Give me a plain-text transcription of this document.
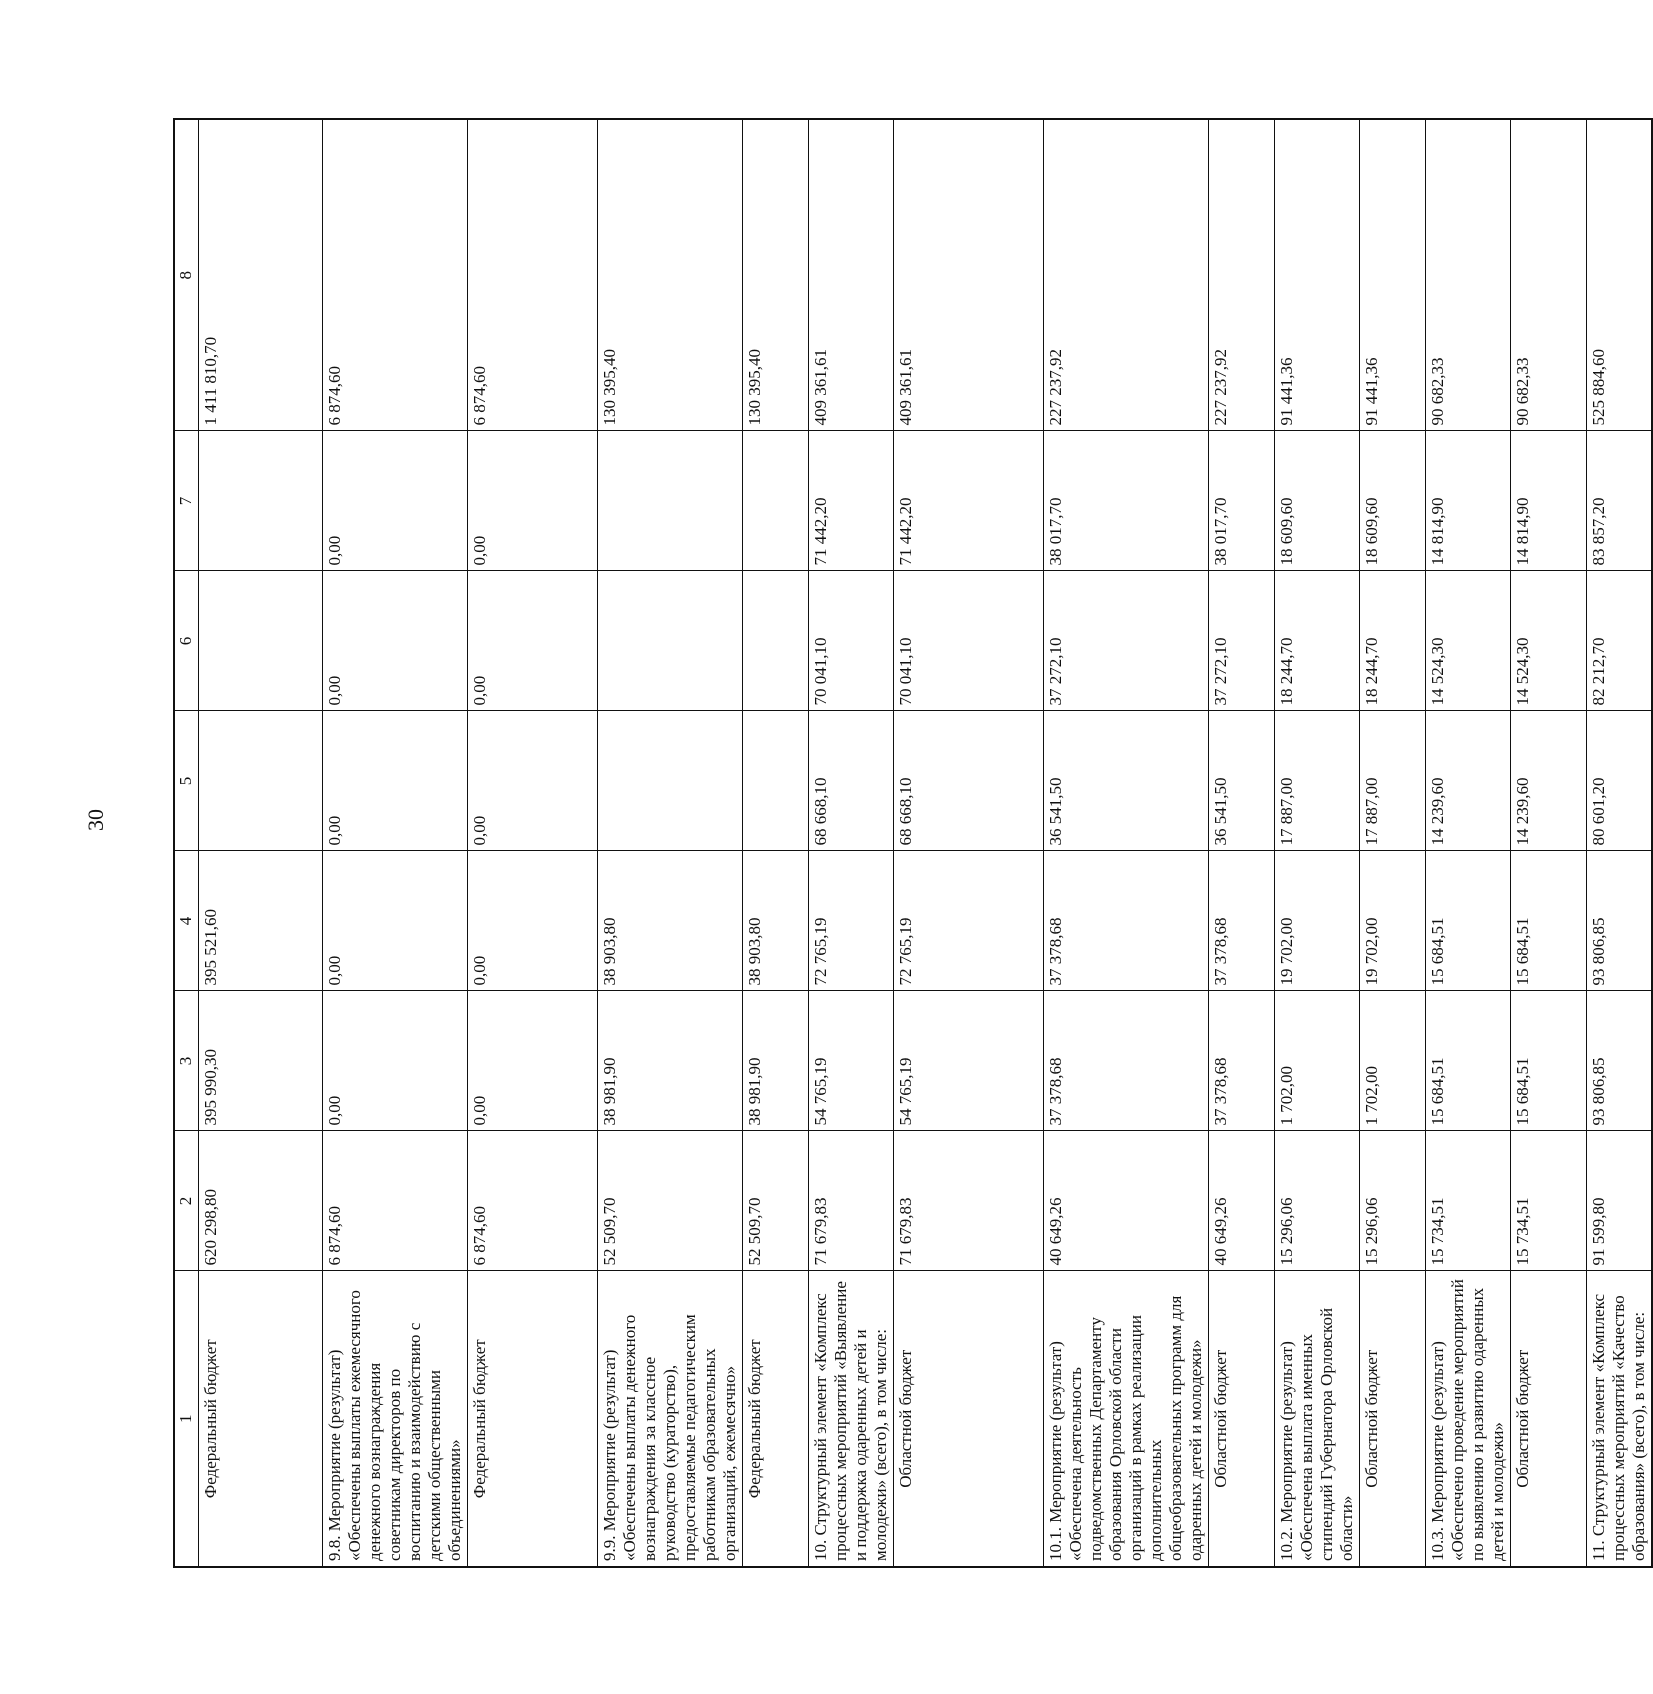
30
1	2	3	4	5	6	7	8
Федеральный бюджет	620 298,80	395 990,30	395 521,60				1 411 810,70
9.8. Мероприятие (результат) «Обеспечены выплаты ежемесячного денежного вознаграждения советникам директоров по воспитанию и взаимодействию с детскими общественными объединениями»	6 874,60	0,00	0,00	0,00	0,00	0,00	6 874,60
Федеральный бюджет	6 874,60	0,00	0,00	0,00	0,00	0,00	6 874,60
9.9. Мероприятие (результат) «Обеспечены выплаты денежного вознаграждения за классное руководство (кураторство), предоставляемые педагогическим работникам образовательных организаций, ежемесячно»	52 509,70	38 981,90	38 903,80				130 395,40
Федеральный бюджет	52 509,70	38 981,90	38 903,80				130 395,40
10. Структурный элемент «Комплекс процессных мероприятий «Выявление и поддержка одаренных детей и молодежи» (всего), в том числе:	71 679,83	54 765,19	72 765,19	68 668,10	70 041,10	71 442,20	409 361,61
Областной бюджет	71 679,83	54 765,19	72 765,19	68 668,10	70 041,10	71 442,20	409 361,61
10.1. Мероприятие (результат) «Обеспечена деятельность подведомственных Департаменту образования Орловской области организаций в рамках реализации дополнительных общеобразовательных программ для одаренных детей и молодежи»	40 649,26	37 378,68	37 378,68	36 541,50	37 272,10	38 017,70	227 237,92
Областной бюджет	40 649,26	37 378,68	37 378,68	36 541,50	37 272,10	38 017,70	227 237,92
10.2. Мероприятие (результат) «Обеспечена выплата именных стипендий Губернатора Орловской области»	15 296,06	1 702,00	19 702,00	17 887,00	18 244,70	18 609,60	91 441,36
Областной бюджет	15 296,06	1 702,00	19 702,00	17 887,00	18 244,70	18 609,60	91 441,36
10.3. Мероприятие (результат) «Обеспечено проведение мероприятий по выявлению и развитию одаренных детей и молодежи»	15 734,51	15 684,51	15 684,51	14 239,60	14 524,30	14 814,90	90 682,33
Областной бюджет	15 734,51	15 684,51	15 684,51	14 239,60	14 524,30	14 814,90	90 682,33
11. Структурный элемент «Комплекс процессных мероприятий «Качество образования» (всего), в том числе:	91 599,80	93 806,85	93 806,85	80 601,20	82 212,70	83 857,20	525 884,60
